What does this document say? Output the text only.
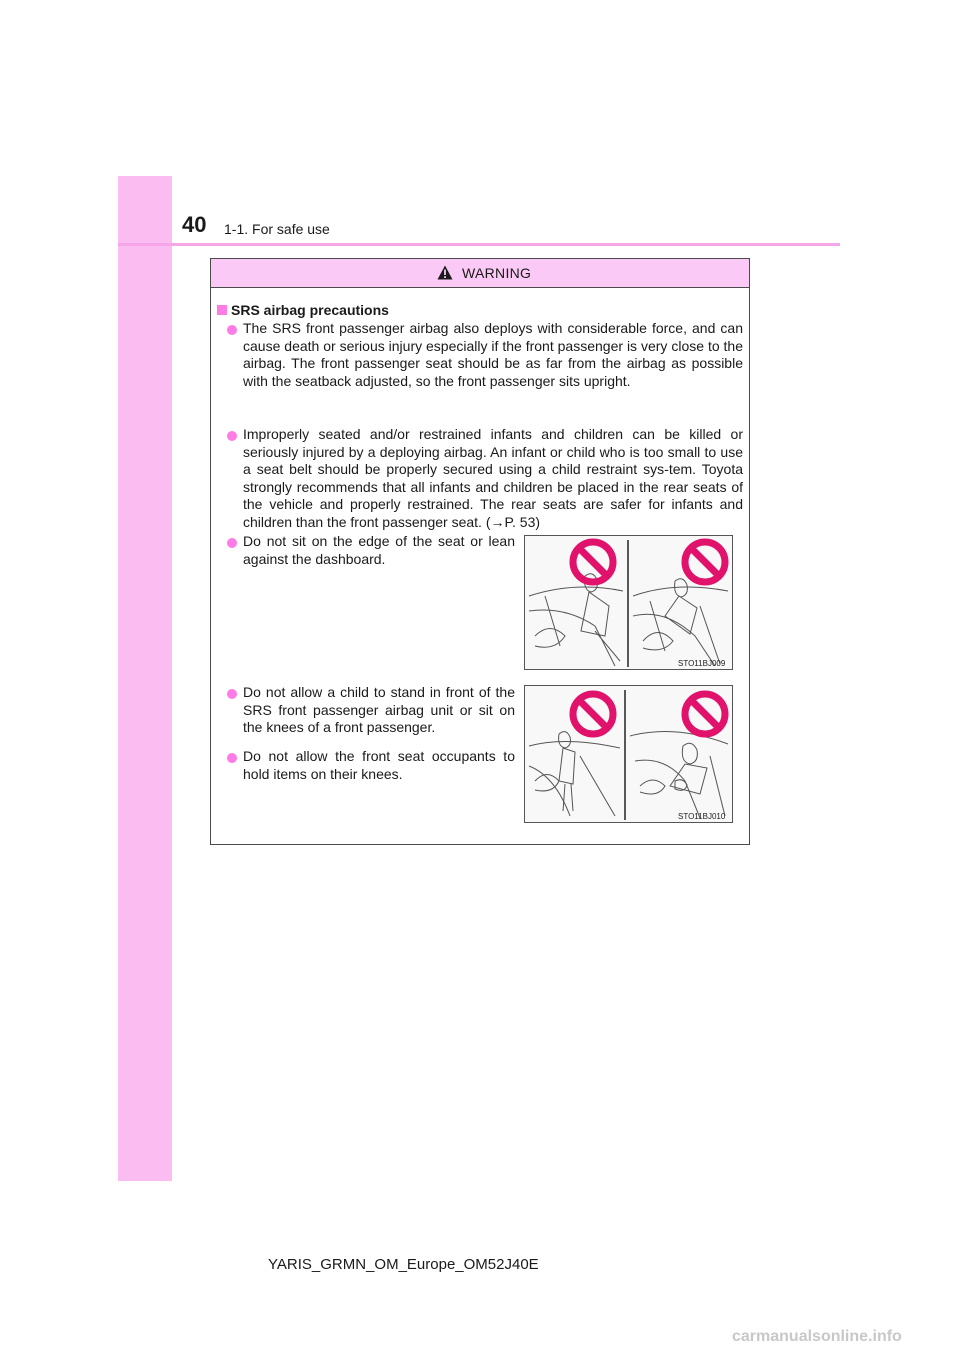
40 1-1. For safe use
WARNING
SRS airbag precautions
The SRS front passenger airbag also deploys with considerable force, and can cause death or serious injury especially if the front passenger is very close to the airbag. The front passenger seat should be as far from the airbag as possible with the seatback adjusted, so the front passenger sits upright.
Improperly seated and/or restrained infants and children can be killed or seriously injured by a deploying airbag. An infant or child who is too small to use a seat belt should be properly secured using a child restraint sys-tem. Toyota strongly recommends that all infants and children be placed in the rear seats of the vehicle and properly restrained. The rear seats are safer for infants and children than the front passenger seat. (→P. 53)
Do not sit on the edge of the seat or lean against the dashboard.
Do not allow a child to stand in front of the SRS front passenger airbag unit or sit on the knees of a front passenger.
Do not allow the front seat occupants to hold items on their knees.
STO11BJ009
STO11BJ010
YARIS_GRMN_OM_Europe_OM52J40E
carmanualsonline.info
